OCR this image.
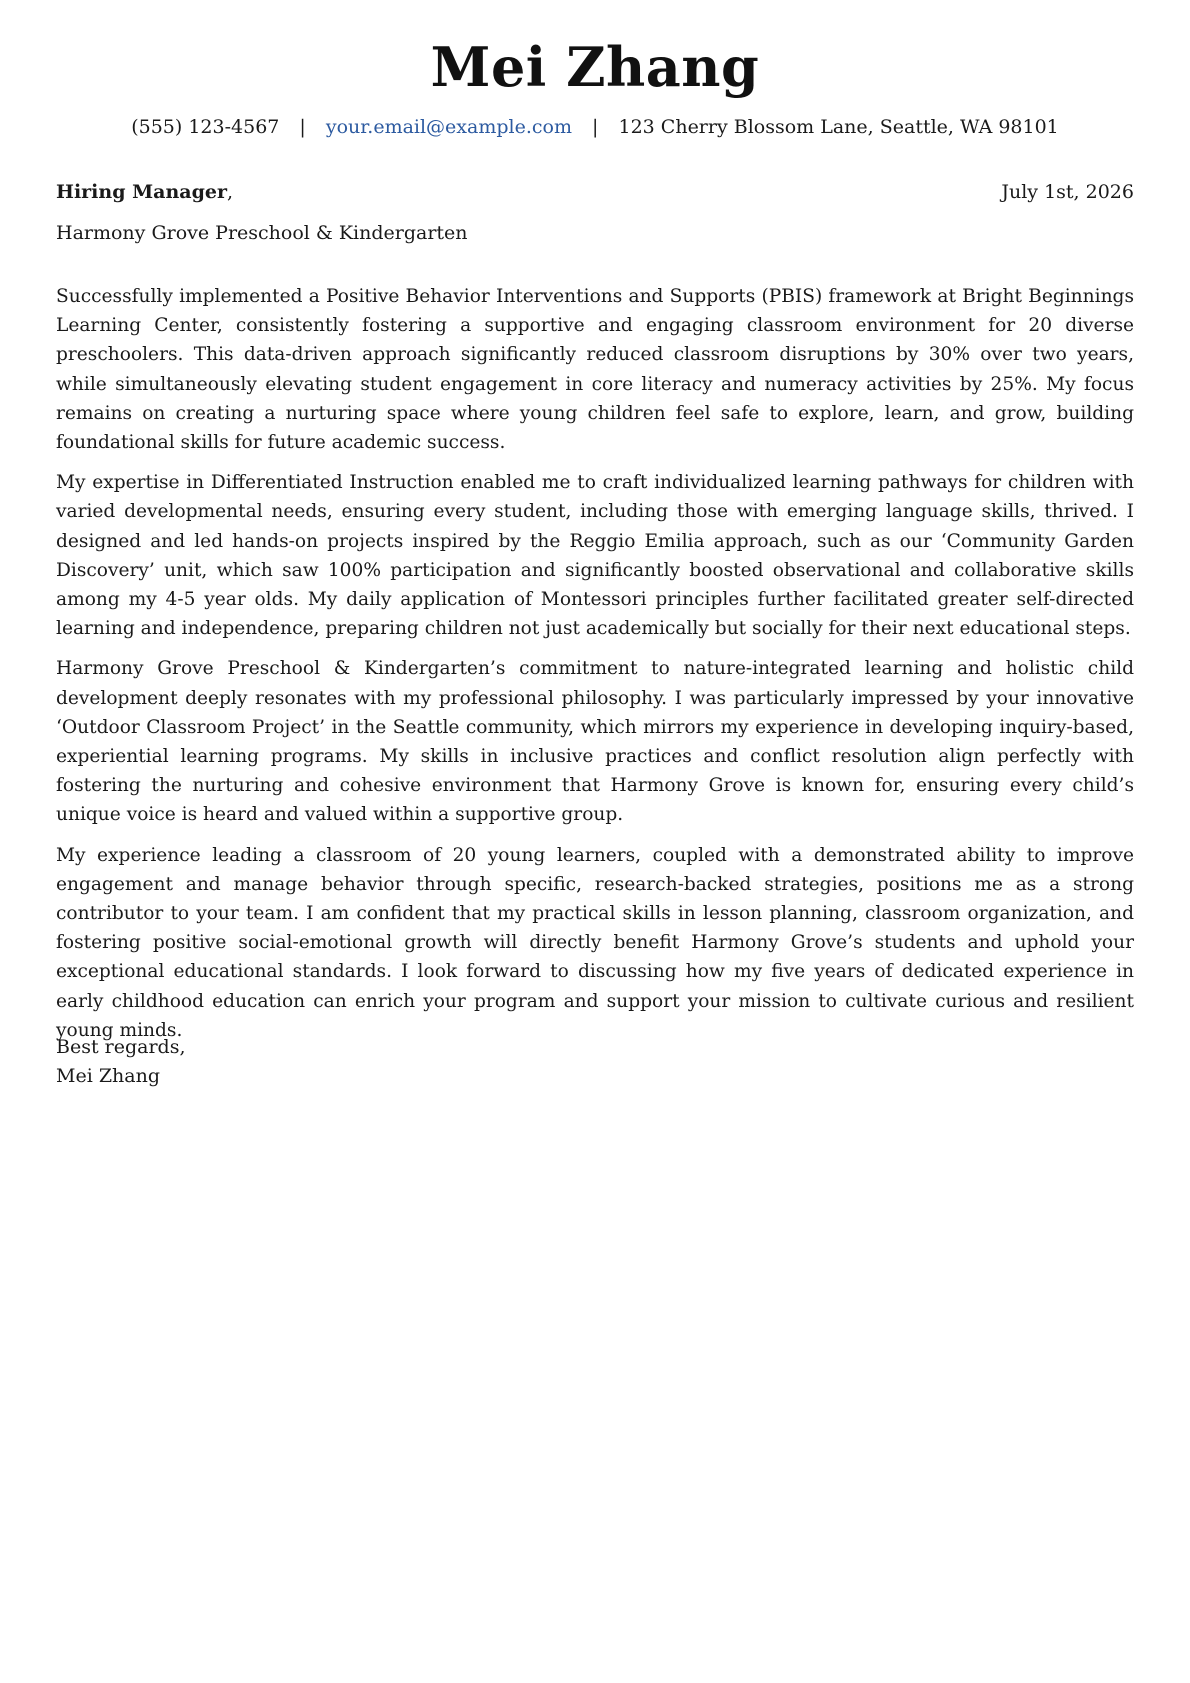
Mei Zhang
(555) 123-4567 | your.email@example.com | 123 Cherry Blossom Lane, Seattle, WA 98101
Hiring Manager,	July 1st, 2026
Harmony Grove Preschool & Kindergarten

Successfully implemented a Positive Behavior Interventions and Supports (PBIS) framework at Bright Beginnings Learning Center, consistently fostering a supportive and engaging classroom environment for 20 diverse preschoolers. This data-driven approach significantly reduced classroom disruptions by 30% over two years, while simultaneously elevating student engagement in core literacy and numeracy activities by 25%. My focus remains on creating a nurturing space where young children feel safe to explore, learn, and grow, building foundational skills for future academic success.

My expertise in Differentiated Instruction enabled me to craft individualized learning pathways for children with varied developmental needs, ensuring every student, including those with emerging language skills, thrived. I designed and led hands-on projects inspired by the Reggio Emilia approach, such as our ‘Community Garden Discovery’ unit, which saw 100% participation and significantly boosted observational and collaborative skills among my 4-5 year olds. My daily application of Montessori principles further facilitated greater self-directed learning and independence, preparing children not just academically but socially for their next educational steps.

Harmony Grove Preschool & Kindergarten’s commitment to nature-integrated learning and holistic child development deeply resonates with my professional philosophy. I was particularly impressed by your innovative ‘Outdoor Classroom Project’ in the Seattle community, which mirrors my experience in developing inquiry-based, experiential learning programs. My skills in inclusive practices and conflict resolution align perfectly with fostering the nurturing and cohesive environment that Harmony Grove is known for, ensuring every child’s unique voice is heard and valued within a supportive group.

My experience leading a classroom of 20 young learners, coupled with a demonstrated ability to improve engagement and manage behavior through specific, research-backed strategies, positions me as a strong contributor to your team. I am confident that my practical skills in lesson planning, classroom organization, and fostering positive social-emotional growth will directly benefit Harmony Grove’s students and uphold your exceptional educational standards. I look forward to discussing how my five years of dedicated experience in early childhood education can enrich your program and support your mission to cultivate curious and resilient young minds.

Best regards,
Mei Zhang
